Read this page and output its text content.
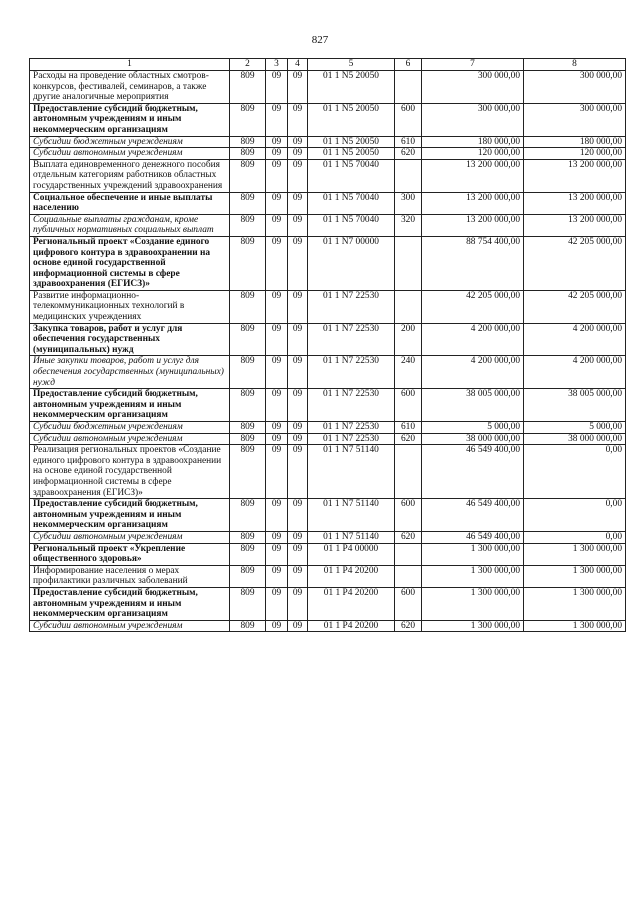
827
1	2	3	4	5	6	7	8
Расходы на проведение областных смотров-конкурсов, фестивалей, семинаров, а также другие аналогичные мероприятия	809	09	09	01 1 N5 20050		300 000,00	300 000,00
Предоставление субсидий бюджетным, автономным учреждениям и иным некоммерческим организациям	809	09	09	01 1 N5 20050	600	300 000,00	300 000,00
Субсидии бюджетным учреждениям	809	09	09	01 1 N5 20050	610	180 000,00	180 000,00
Субсидии автономным учреждениям	809	09	09	01 1 N5 20050	620	120 000,00	120 000,00
Выплата единовременного денежного пособия отдельным категориям работников областных государственных учреждений здравоохранения	809	09	09	01 1 N5 70040		13 200 000,00	13 200 000,00
Социальное обеспечение и иные выплаты населению	809	09	09	01 1 N5 70040	300	13 200 000,00	13 200 000,00
Социальные выплаты гражданам, кроме публичных нормативных социальных выплат	809	09	09	01 1 N5 70040	320	13 200 000,00	13 200 000,00
Региональный проект «Создание единого цифрового контура в здравоохранении на основе единой государственной информационной системы в сфере здравоохранения (ЕГИСЗ)»	809	09	09	01 1 N7 00000		88 754 400,00	42 205 000,00
Развитие информационно-телекоммуникационных технологий в медицинских учреждениях	809	09	09	01 1 N7 22530		42 205 000,00	42 205 000,00
Закупка товаров, работ и услуг для обеспечения государственных (муниципальных) нужд	809	09	09	01 1 N7 22530	200	4 200 000,00	4 200 000,00
Иные закупки товаров, работ и услуг для обеспечения государственных (муниципальных) нужд	809	09	09	01 1 N7 22530	240	4 200 000,00	4 200 000,00
Предоставление субсидий бюджетным, автономным учреждениям и иным некоммерческим организациям	809	09	09	01 1 N7 22530	600	38 005 000,00	38 005 000,00
Субсидии бюджетным учреждениям	809	09	09	01 1 N7 22530	610	5 000,00	5 000,00
Субсидии автономным учреждениям	809	09	09	01 1 N7 22530	620	38 000 000,00	38 000 000,00
Реализация региональных проектов «Создание единого цифрового контура в здравоохранении на основе единой государственной информационной системы в сфере здравоохранения (ЕГИСЗ)»	809	09	09	01 1 N7 51140		46 549 400,00	0,00
Предоставление субсидий бюджетным, автономным учреждениям и иным некоммерческим организациям	809	09	09	01 1 N7 51140	600	46 549 400,00	0,00
Субсидии автономным учреждениям	809	09	09	01 1 N7 51140	620	46 549 400,00	0,00
Региональный проект «Укрепление общественного здоровья»	809	09	09	01 1 P4 00000		1 300 000,00	1 300 000,00
Информирование населения о мерах профилактики различных заболеваний	809	09	09	01 1 P4 20200		1 300 000,00	1 300 000,00
Предоставление субсидий бюджетным, автономным учреждениям и иным некоммерческим организациям	809	09	09	01 1 P4 20200	600	1 300 000,00	1 300 000,00
Субсидии автономным учреждениям	809	09	09	01 1 P4 20200	620	1 300 000,00	1 300 000,00
